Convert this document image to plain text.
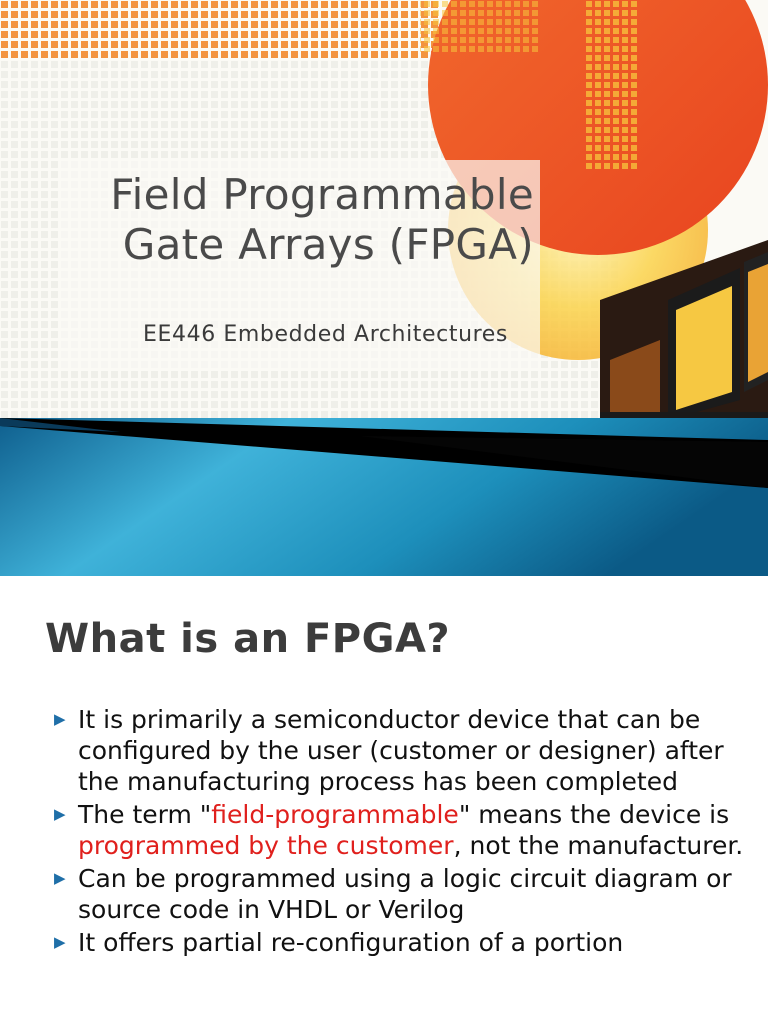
Field Programmable
Gate Arrays (FPGA)
EE446 Embedded Architectures
What is an FPGA?
▶ It is primarily a semiconductor device that can be configured by the user (customer or designer) after the manufacturing process has been completed
▶ The term "field-programmable" means the device is programmed by the customer, not the manufacturer.
▶ Can be programmed using a logic circuit diagram or source code in VHDL or Verilog
▶ It offers partial re-configuration of a portion
